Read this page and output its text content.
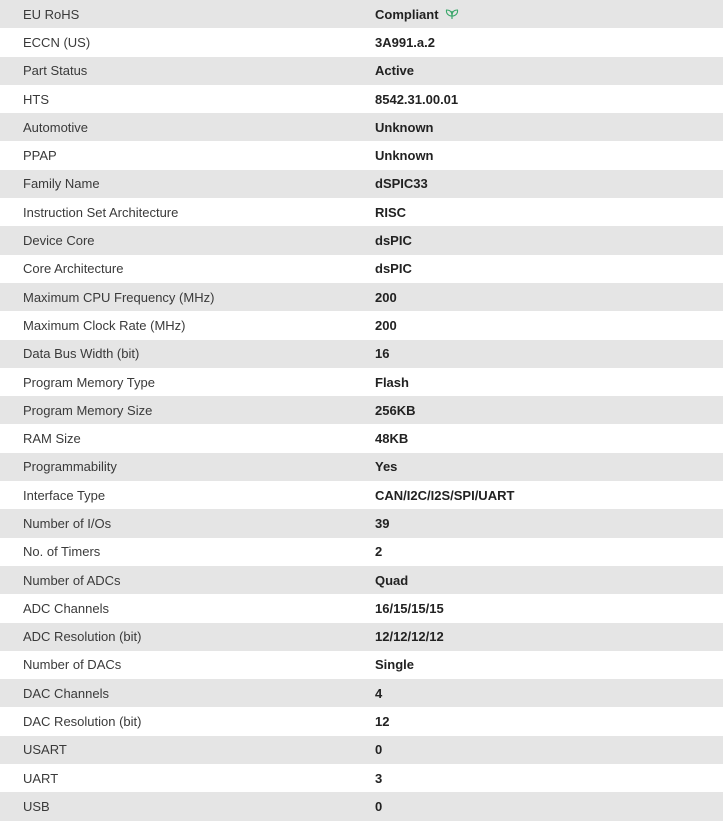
EU RoHS	Compliant
ECCN (US)	3A991.a.2
Part Status	Active
HTS	8542.31.00.01
Automotive	Unknown
PPAP	Unknown
Family Name	dSPIC33
Instruction Set Architecture	RISC
Device Core	dsPIC
Core Architecture	dsPIC
Maximum CPU Frequency (MHz)	200
Maximum Clock Rate (MHz)	200
Data Bus Width (bit)	16
Program Memory Type	Flash
Program Memory Size	256KB
RAM Size	48KB
Programmability	Yes
Interface Type	CAN/I2C/I2S/SPI/UART
Number of I/Os	39
No. of Timers	2
Number of ADCs	Quad
ADC Channels	16/15/15/15
ADC Resolution (bit)	12/12/12/12
Number of DACs	Single
DAC Channels	4
DAC Resolution (bit)	12
USART	0
UART	3
USB	0
